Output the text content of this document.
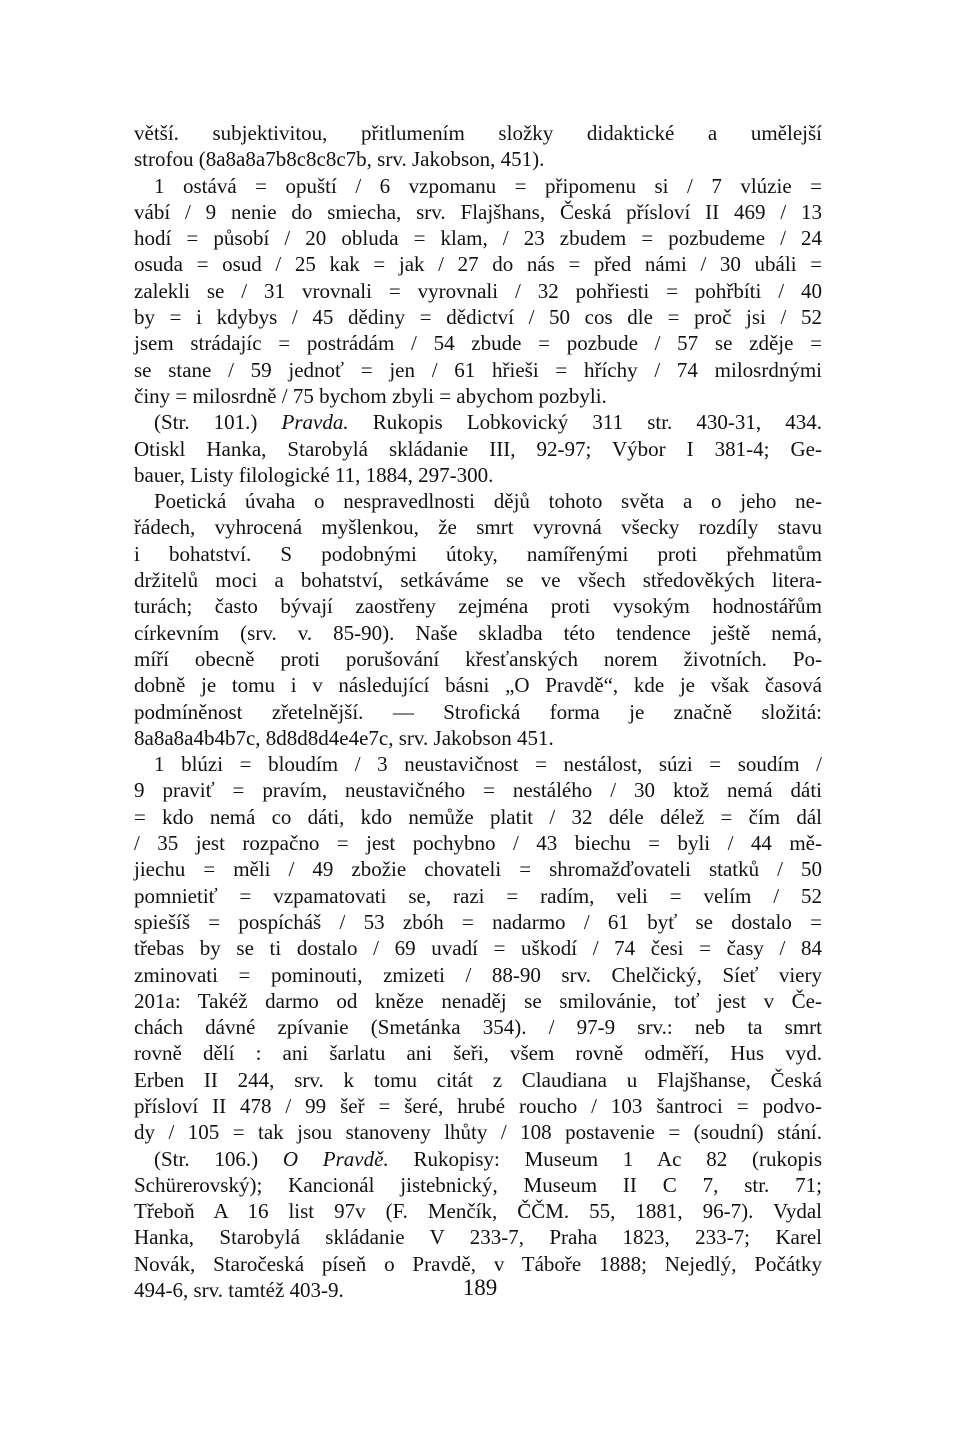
větší. subjektivitou, přitlumením složky didaktické a umělejší
strofou (8a8a8a7b8c8c8c7b, srv. Jakobson, 451).
1 ostává = opuští / 6 vzpomanu = připomenu si / 7 vlúzie =
vábí / 9 nenie do smiecha, srv. Flajšhans, Česká přísloví II 469 / 13
hodí = působí / 20 obluda = klam, / 23 zbudem = pozbudeme / 24
osuda = osud / 25 kak = jak / 27 do nás = před námi / 30 ubáli =
zalekli se / 31 vrovnali = vyrovnali / 32 pohřiesti = pohřbíti / 40
by = i kdybys / 45 dědiny = dědictví / 50 cos dle = proč jsi / 52
jsem strádajíc = postrádám / 54 zbude = pozbude / 57 se zděje =
se stane / 59 jednoť = jen / 61 hřieši = hříchy / 74 milosrdnými
činy = milosrdně / 75 bychom zbyli = abychom pozbyli.
(Str. 101.) Pravda. Rukopis Lobkovický 311 str. 430-31, 434.
Otiskl Hanka, Starobylá skládanie III, 92-97; Výbor I 381-4; Ge-
bauer, Listy filologické 11, 1884, 297-300.
Poetická úvaha o nespravedlnosti dějů tohoto světa a o jeho ne-
řádech, vyhrocená myšlenkou, že smrt vyrovná všecky rozdíly stavu
i bohatství. S podobnými útoky, namířenými proti přehmatům
držitelů moci a bohatství, setkáváme se ve všech středověkých litera-
turách; často bývají zaostřeny zejména proti vysokým hodnostářům
církevním (srv. v. 85-90). Naše skladba této tendence ještě nemá,
míří obecně proti porušování křesťanských norem životních. Po-
dobně je tomu i v následující básni „O Pravdě“, kde je však časová
podmíněnost zřetelnější. — Strofická forma je značně složitá:
8a8a8a4b4b7c, 8d8d8d4e4e7c, srv. Jakobson 451.
1 blúzi = bloudím / 3 neustavičnost = nestálost, súzi = soudím /
9 praviť = pravím, neustavičného = nestálého / 30 ktož nemá dáti
= kdo nemá co dáti, kdo nemůže platit / 32 déle délež = čím dál
/ 35 jest rozpačno = jest pochybno / 43 biechu = byli / 44 mě-
jiechu = měli / 49 zbožie chovateli = shromažďovateli statků / 50
pomnietiť = vzpamatovati se, razi = radím, veli = velím / 52
spiešíš = pospícháš / 53 zbóh = nadarmo / 61 byť se dostalo =
třebas by se ti dostalo / 69 uvadí = uškodí / 74 česi = časy / 84
zminovati = pominouti, zmizeti / 88-90 srv. Chelčický, Síeť viery
201a: Takéž darmo od kněze nenaděj se smilovánie, toť jest v Če-
chách dávné zpívanie (Smetánka 354). / 97-9 srv.: neb ta smrt
rovně dělí : ani šarlatu ani šeři, všem rovně odměří, Hus vyd.
Erben II 244, srv. k tomu citát z Claudiana u Flajšhanse, Česká
přísloví II 478 / 99 šeř = šeré, hrubé roucho / 103 šantroci = podvo-
dy / 105 = tak jsou stanoveny lhůty / 108 postavenie = (soudní) stání.
(Str. 106.) O Pravdě. Rukopisy: Museum 1 Ac 82 (rukopis
Schürerovský); Kancionál jistebnický, Museum II C 7, str. 71;
Třeboň A 16 list 97v (F. Menčík, ČČM. 55, 1881, 96-7). Vydal
Hanka, Starobylá skládanie V 233-7, Praha 1823, 233-7; Karel
Novák, Staročeská píseň o Pravdě, v Táboře 1888; Nejedlý, Počátky
494-6, srv. tamtéž 403-9.	189
